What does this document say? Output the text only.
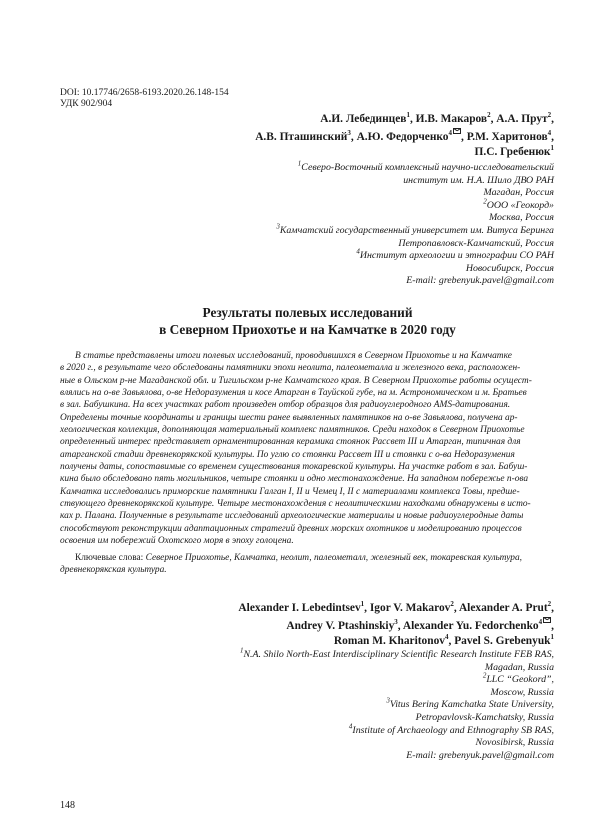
DOI: 10.17746/2658-6193.2020.26.148-154
УДК 902/904
А.И. Лебединцев$^1$, И.В. Макаров$^2$, А.А. Прут$^2$,
А.В. Пташинский$^3$, А.Ю. Федорченко$^4$ , Р.М. Харитонов$^4$,
П.С. Гребенюк$^1$
$^1$Северо-Восточный комплексный научно-исследовательский
институт им. Н.А. Шило ДВО РАН
Магадан, Россия
$^2$ООО «Геокорд»
Москва, Россия
$^3$Камчатский государственный университет им. Витуса Беринга
Петропавловск-Камчатский, Россия
$^4$Институт археологии и этнографии СО РАН
Новосибирск, Россия
E-mail: grebenyuk.pavel@gmail.com
Результаты полевых исследований
в Северном Приохотье и на Камчатке в 2020 году
В статье представлены итоги полевых исследований, проводившихся в Северном Приохотье и на Камчатке
в 2020 г., в результате чего обследованы памятники эпохи неолита, палеометалла и железного века, расположен-
ные в Ольском р-не Магаданской обл. и Тигильском р-не Камчатского края. В Северном Приохотье работы осущест-
влялись на о-ве Завьялова, о-ве Недоразумения и косе Атарган в Тауйской губе, на м. Астрономическом и м. Братьев
в зал. Бабушкина. На всех участках работ произведен отбор образцов для радиоуглеродного AMS-датирования.
Определены точные координаты и границы шести ранее выявленных памятников на о-ве Завьялова, получена ар-
хеологическая коллекция, дополняющая материальный комплекс памятников. Среди находок в Северном Приохотье
определенный интерес представляет орнаментированная керамика стоянок Рассвет III и Атарган, типичная для
атарганской стадии древнекорякской культуры. По углю со стоянки Рассвет III и стоянки с о-ва Недоразумения
получены даты, сопоставимые со временем существования токаревской культуры. На участке работ в зал. Бабуш-
кина было обследовано пять могильников, четыре стоянки и одно местонахождение. На западном побережье п-ова
Камчатка исследовались приморские памятники Галган I, II и Чемец I, II с материалами комплекса Товы, предше-
ствующего древнекорякской культуре. Четыре местонахождения с неолитическими находками обнаружены в исто-
ках р. Палана. Полученные в результате исследований археологические материалы и новые радиоуглеродные даты
способствуют реконструкции адаптационных стратегий древних морских охотников и моделированию процессов
освоения им побережий Охотского моря в эпоху голоцена.
Ключевые слова: Северное Приохотье, Камчатка, неолит, палеометалл, железный век, токаревская культура,
древнекорякская культура.
Alexander I. Lebedintsev$^1$, Igor V. Makarov$^2$, Alexander A. Prut$^2$,
Andrey V. Ptashinskiy$^3$, Alexander Yu. Fedorchenko$^4$ ,
Roman M. Kharitonov$^4$, Pavel S. Grebenyuk$^1$
$^1$N.A. Shilo North-East Interdisciplinary Scientific Research Institute FEB RAS,
Magadan, Russia
$^2$LLC “Geokord”,
Moscow, Russia
$^3$Vitus Bering Kamchatka State University,
Petropavlovsk-Kamchatsky, Russia
$^4$Institute of Archaeology and Ethnography SB RAS,
Novosibirsk, Russia
E-mail: grebenyuk.pavel@gmail.com
148
